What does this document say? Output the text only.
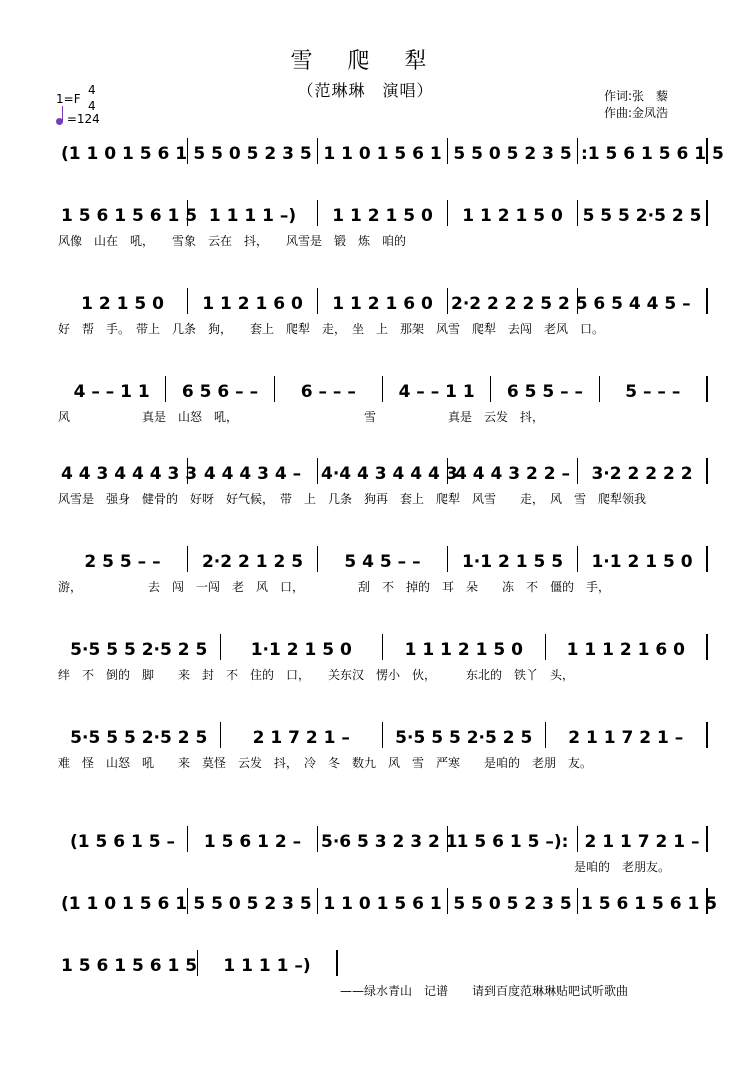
雪 爬 犁
（范琳琳　演唱）
1=F
4
4
=124
作词:张　藜
作曲:金凤浩
(1 1 0 1 5 6 1 5 5 0 5 2 3 5 1 1 0 1 5 6 1 5 5 0 5 2 3 5 :1 5 6 1 5 6 1 5
1 5 6 1 5 6 1 5 1 1 1 1 –) 1 1 2 1 5 0 1 1 2 1 5 0 5 5 5 2·5 2 5
风像　山在　吼，　　雪象　云在　抖，　　风雪是　锻　炼　咱的
1 2 1 5 0 1 1 2 1 6 0 1 1 2 1 6 0 2·2 2 2 2 5 2 5 6 5 4 4 5 –
好　帮　手。　带上　几条　狗，　　套上　爬犁　走，　坐　上　那架　风雪　爬犁　去闯　老风　口。
4 – – 1 1 6 5 6 – –	6 – – –	4 – – 1 1 6 5 5 – – 5 – – –
风　　　　　　真是　山怒　吼，　　　　　　　　　　　雪　　　　　　真是　云发　抖，
4 4 3 4 4 4 3 3 4 4 4 3 4 – 4·4 4 3 4 4 4 3
4 4 4 3 2 2 – 3·2 2 2 2 2
风雪是　强身　健骨的　好呀　好气候，　带　上　几条　狗再　套上　爬犁　风雪　　走，　风　雪　爬犁领我
2 5 5 – – 2·2 2 1 2 5 5 4 5 – – 1·1 2 1 5 5 1·1 2 1 5 0
游，　　　　　　去　闯　一闯　老　风　口，　　　　　刮　不　掉的　耳　朵　　冻　不　僵的　手，
5·5 5 5 2·5 2 5	1·1 2 1 5 0	1 1 1 2 1 5 0	1 1 1 2 1 6 0
绊　不　倒的　脚　　来　封　不　住的　口，　　关东汉　愣小　伙，　　　东北的　铁丫　头，
5·5 5 5 2·5 2 5	2 1 7 2 1 –	5·5 5 5 2·5 2 5 2 1 1 7 2 1 –
难　怪　山怒　吼　　来　莫怪　云发　抖，　冷　冬　数九　风　雪　严寒　　是咱的　老朋　友。
(1 5 6 1 5 – 1 5 6 1 2 – 5·6 5 3 2 3 2 1
1 5 6 1 5 –): 2 1 1 7 2 1 –
　　　　　　　　　　　　　　　　　　　　　　　　　　　　　　　　　　　　　　　　　　　是咱的　老朋友。
(1 1 0 1 5 6 1 5 5 0 5 2 3 5 1 1 0 1 5 6 1 5 5 0 5 2 3 5 1 5 6 1 5 6 1 5
1 5 6 1 5 6 1 5 1 1 1 1 –)
——绿水青山　记谱　　请到百度范琳琳贴吧试听歌曲
